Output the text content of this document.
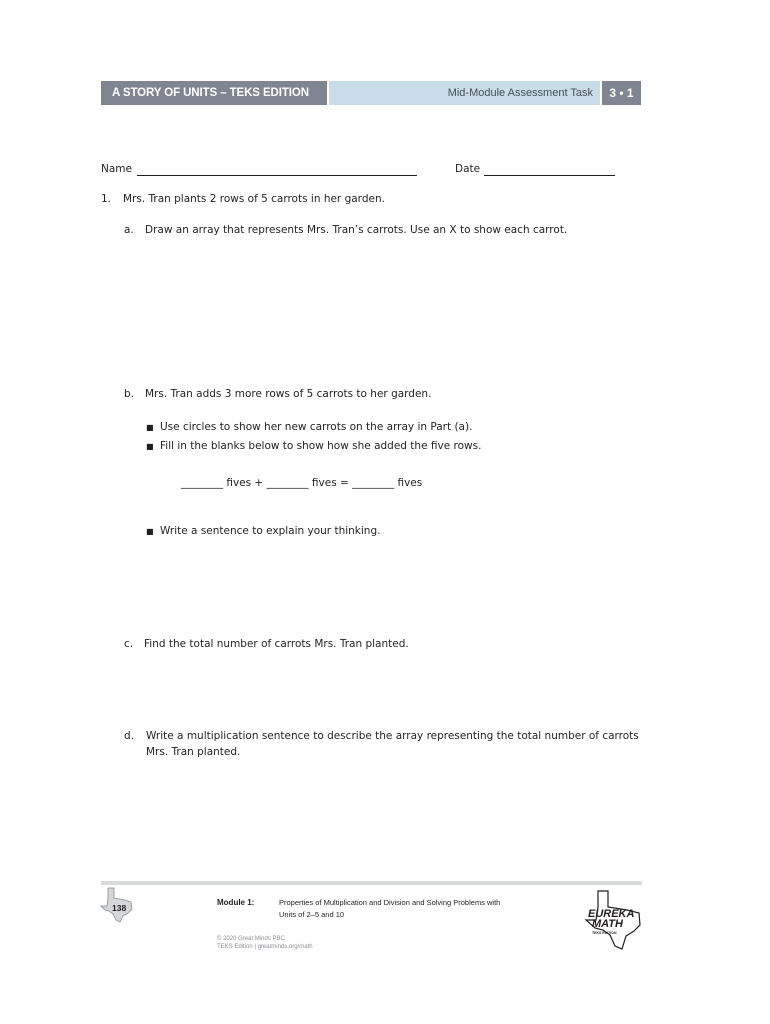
A STORY OF UNITS – TEKS EDITION	Mid-Module Assessment Task	3 • 1
Name	Date
1. Mrs. Tran plants 2 rows of 5 carrots in her garden.
a. Draw an array that represents Mrs. Tran’s carrots. Use an X to show each carrot.
b. Mrs. Tran adds 3 more rows of 5 carrots to her garden.
■ Use circles to show her new carrots on the array in Part (a).
■ Fill in the blanks below to show how she added the five rows.
________ fives + ________ fives = ________ fives
■ Write a sentence to explain your thinking.
c. Find the total number of carrots Mrs. Tran planted.
d. Write a multiplication sentence to describe the array representing the total number of carrots
Mrs. Tran planted.
138
Module 1:	Properties of Multiplication and Division and Solving Problems with
Units of 2–5 and 10
© 2020 Great Minds PBC
TEKS Edition | greatminds.org/math
EUREKA
MATH
TEKS EDITION
